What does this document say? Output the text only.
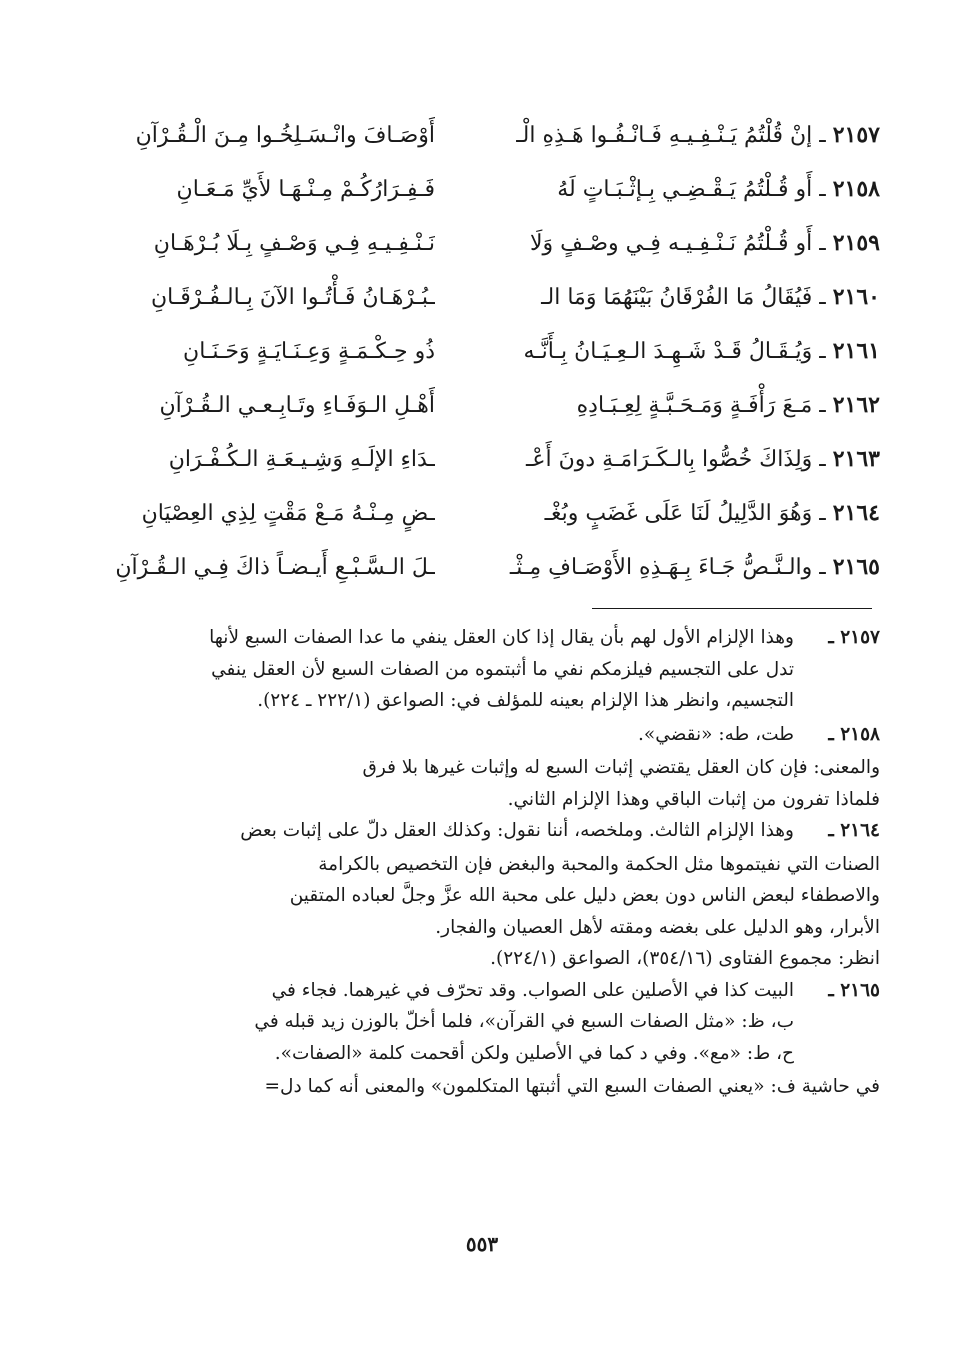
٢١٥٧ ـ إنْ قُلْتُمُ يَـنْـفِـيـهِ فَـانْـفُـوا هَـذِهِ الْـ
أَوْصَـافَ وانْـسَـلِخُـوا مِـنَ الْـقُـرْآنِ
٢١٥٨ ـ أَو قُـلْتُمُ يَـقْـضِـي بِـإثْـبَـاتٍ لَهُ
فَـفِـرَارُكُـمْ مِـنْـهَـا لأَيِّ مَـعَـانِ
٢١٥٩ ـ أَو قُـلْتُمُ نَـنْـفِـيـه فِـي وصْـفٍ وَلَا
نَـنْـفِـيـهِ فِـي وَصْـفٍ بِـلَا بُـرْهَـانِ
٢١٦٠ ـ فَيُقَالُ مَا الفُرْقَانُ بَيْنَهُمَا وَمَا الـ
ـبُـرْهَـانُ فَـأْتُـوا الآنَ بِـالـفُـرْقَـانِ
٢١٦١ ـ وَيُـقَـالُ قَـدْ شَـهِـدَ الـعِـيَـانُ بِـأَنَّـه
ذُو حِـكْـمَـةٍ وَعِـنَـايَـةٍ وَحَـنَـانِ
٢١٦٢ ـ مَـعَ رَأْفَـةٍ وَمَـحَـبَّـةٍ لِعِـبَـادِهِ
أَهْـلِ الـوَفَـاءِ وتَـابِـعـي الـقُـرْآنِ
٢١٦٣ ـ وَلِذَاكَ خُصُّوا بِالـكَـرَامَـةِ دونَ أَعْـ
ـدَاءِ الإلَـهِ وَشِـيـعَـةِ الـكُـفْـرَانِ
٢١٦٤ ـ وَهُوَ الدَّلِيلُ لَنَا عَلَى غَضَبٍ وبُغْـ
ـضٍ مِـنْـهُ مَـعْ مَقْتٍ لِذِي العِصْيَانِ
٢١٦٥ ـ والـنَّـصُّ جَـاءَ بِـهَـذِهِ الأَوْصَـافِ مِـثْـ
ـلَ الـسَّـبْـعِ أَيـضـاً ذاكَ فِـي الـقُـرْآنِ
٢١٥٧ ـ
وهذا الإلزام الأول لهم بأن يقال إذا كان العقل ينفي ما عدا الصفات السبع لأنها
تدل على التجسيم فيلزمكم نفي ما أثبتموه من الصفات السبع لأن العقل ينفي
التجسيم، وانظر هذا الإلزام بعينه للمؤلف في: الصواعق (٢٢٢/١ ـ ٢٢٤).
٢١٥٨ ـ
طت، طه: «نقضي».
والمعنى: فإن كان العقل يقتضي إثبات السبع له وإثبات غيرها بلا فرق
فلماذا تفرون من إثبات الباقي وهذا الإلزام الثاني.
٢١٦٤ ـ
وهذا الإلزام الثالث. وملخصه، أننا نقول: وكذلك العقل دلّ على إثبات بعض
الصنات التي نفيتموها مثل الحكمة والمحبة والبغض فإن التخصيص بالكرامة
والاصطفاء لبعض الناس دون بعض دليل على محبة الله عزَّ وجلَّ لعباده المتقين
الأبرار، وهو الدليل على بغضه ومقته لأهل العصيان والفجار.
انظر: مجموع الفتاوى (٣٥٤/١٦)، الصواعق (٢٢٤/١).
٢١٦٥ ـ
البيت كذا في الأصلين على الصواب. وقد تحرّف في غيرهما. فجاء في
ب، ظ: «مثل الصفات السبع في القرآن»، فلما أخلّ بالوزن زيد قبله في
ح، ط: «مع». وفي د كما في الأصلين ولكن أقحمت كلمة «الصفات».
في حاشية ف: «يعني الصفات السبع التي أثبتها المتكلمون» والمعنى أنه كما دل=
٥٥٣
